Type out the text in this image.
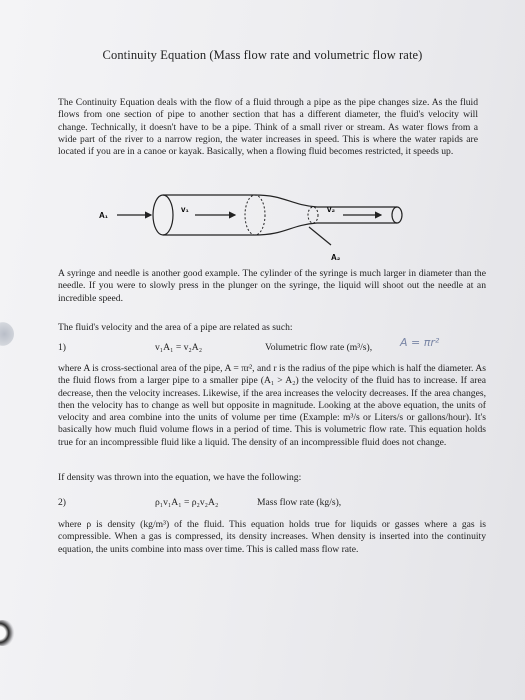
Continuity Equation (Mass flow rate and volumetric flow rate)

The Continuity Equation deals with the flow of a fluid through a pipe as the pipe changes size. As the fluid flows from one section of pipe to another section that has a different diameter, the fluid's velocity will change. Technically, it doesn't have to be a pipe. Think of a small river or stream. As water flows from a wide part of the river to a narrow region, the water increases in speed. This is where the water rapids are located if you are in a canoe or kayak. Basically, when a flowing fluid becomes restricted, it speeds up.

A₁
v₁	v₂
A₂

A syringe and needle is another good example. The cylinder of the syringe is much larger in diameter than the needle. If you were to slowly press in the plunger on the syringe, the liquid will shoot out the needle at an incredible speed.

The fluid's velocity and the area of a pipe are related as such:

1)	v₁A₁ = v₂A₂	Volumetric flow rate (m³/s),	A = πr²

where A is cross-sectional area of the pipe, A = πr², and r is the radius of the pipe which is half the diameter. As the fluid flows from a larger pipe to a smaller pipe (A₁ > A₂) the velocity of the fluid has to increase. If area decrease, then the velocity increases. Likewise, if the area increases the velocity decreases. If the area changes, then the velocity has to change as well but opposite in magnitude. Looking at the above equation, the units of velocity and area combine into the units of volume per time (Example: m³/s or Liters/s or gallons/hour). It's basically how much fluid volume flows in a period of time. This is volumetric flow rate. This equation holds true for an incompressible fluid like a liquid. The density of an incompressible fluid does not change.

If density was thrown into the equation, we have the following:

2)	ρ₁v₁A₁ = ρ₂v₂A₂	Mass flow rate (kg/s),

where ρ is density (kg/m³) of the fluid. This equation holds true for liquids or gasses where a gas is compressible. When a gas is compressed, its density increases. When density is inserted into the continuity equation, the units combine into mass over time. This is called mass flow rate.
